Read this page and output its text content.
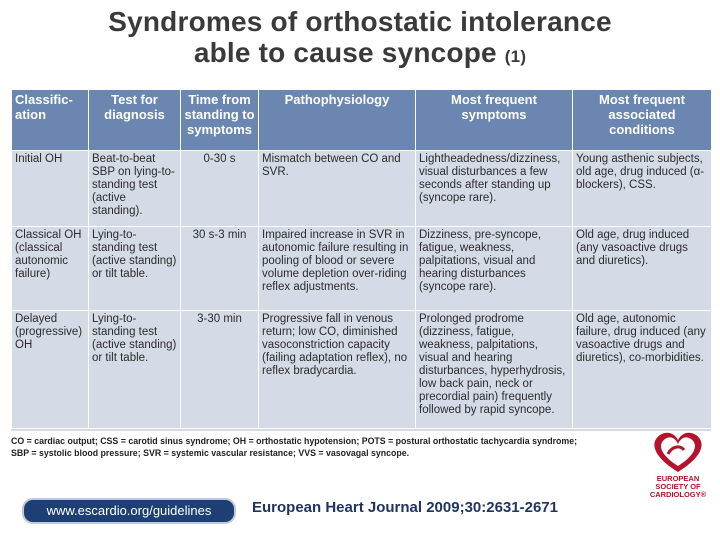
Syndromes of orthostatic intolerance
able to cause syncope (1)
Classific-ation	Test for diagnosis	Time from standing to symptoms	Pathophysiology	Most frequent symptoms	Most frequent associated conditions
Initial OH	Beat-to-beat SBP on lying-to-standing test (active standing).	0-30 s	Mismatch between CO and SVR.	Lightheadedness/dizziness, visual disturbances a few seconds after standing up (syncope rare).	Young asthenic subjects, old age, drug induced (α-blockers), CSS.
Classical OH (classical autonomic failure)	Lying-to-standing test (active standing) or tilt table.	30 s-3 min	Impaired increase in SVR in autonomic failure resulting in pooling of blood or severe volume depletion over-riding reflex adjustments.	Dizziness, pre-syncope, fatigue, weakness, palpitations, visual and hearing disturbances (syncope rare).	Old age, drug induced (any vasoactive drugs and diuretics).
Delayed (progressive) OH	Lying-to-standing test (active standing) or tilt table.	3-30 min	Progressive fall in venous return; low CO, diminished vasoconstriction capacity (failing adaptation reflex), no reflex bradycardia.	Prolonged prodrome (dizziness, fatigue, weakness, palpitations, visual and hearing disturbances, hyperhydrosis, low back pain, neck or precordial pain) frequently followed by rapid syncope.	Old age, autonomic failure, drug induced (any vasoactive drugs and diuretics), co-morbidities.
CO = cardiac output; CSS = carotid sinus syndrome; OH = orthostatic hypotension; POTS = postural orthostatic tachycardia syndrome;
SBP = systolic blood pressure; SVR = systemic vascular resistance; VVS = vasovagal syncope.
www.escardio.org/guidelines	European Heart Journal 2009;30:2631-2671
EUROPEAN
SOCIETY OF
CARDIOLOGY®
